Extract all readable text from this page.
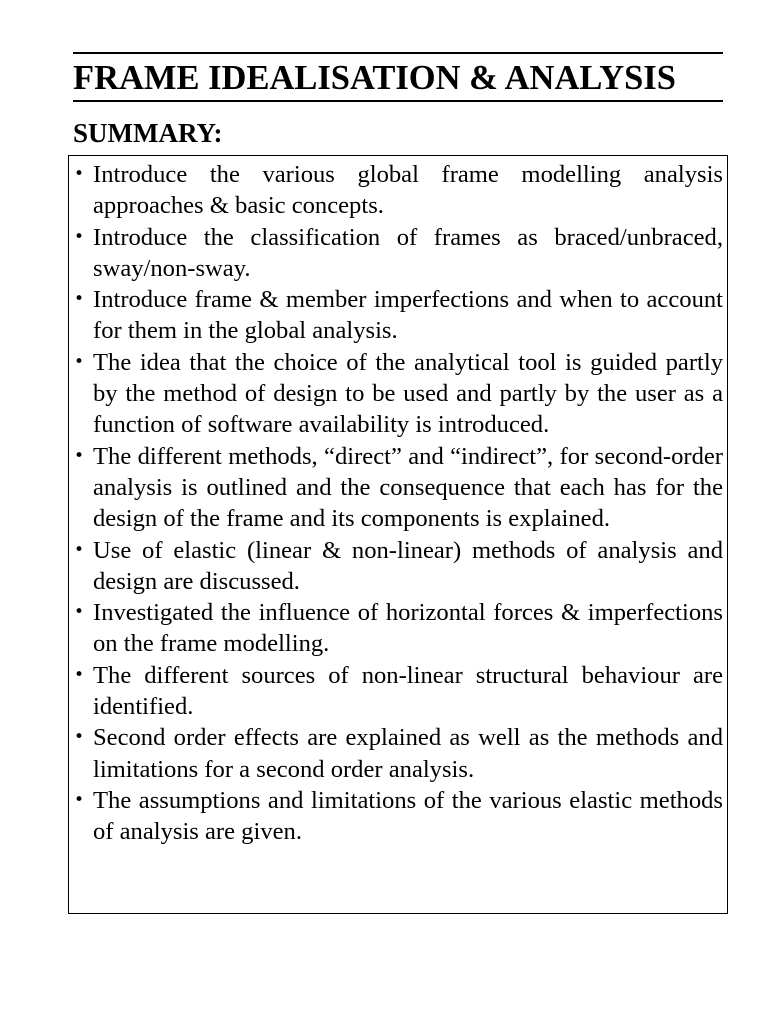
FRAME IDEALISATION & ANALYSIS
SUMMARY:
• Introduce the various global frame modelling analysis approaches & basic concepts.
• Introduce the classification of frames as braced/unbraced, sway/non-sway.
• Introduce frame & member imperfections and when to account for them in the global analysis.
• The idea that the choice of the analytical tool is guided partly by the method of design to be used and partly by the user as a function of software availability is introduced.
• The different methods, “direct” and “indirect”, for second-order analysis is outlined and the consequence that each has for the design of the frame and its components is explained.
• Use of elastic (linear & non-linear) methods of analysis and design are discussed.
• Investigated the influence of horizontal forces & imperfections on the frame modelling.
• The different sources of non-linear structural behaviour are identified.
• Second order effects are explained as well as the methods and limitations for a second order analysis.
• The assumptions and limitations of the various elastic methods of analysis are given.
